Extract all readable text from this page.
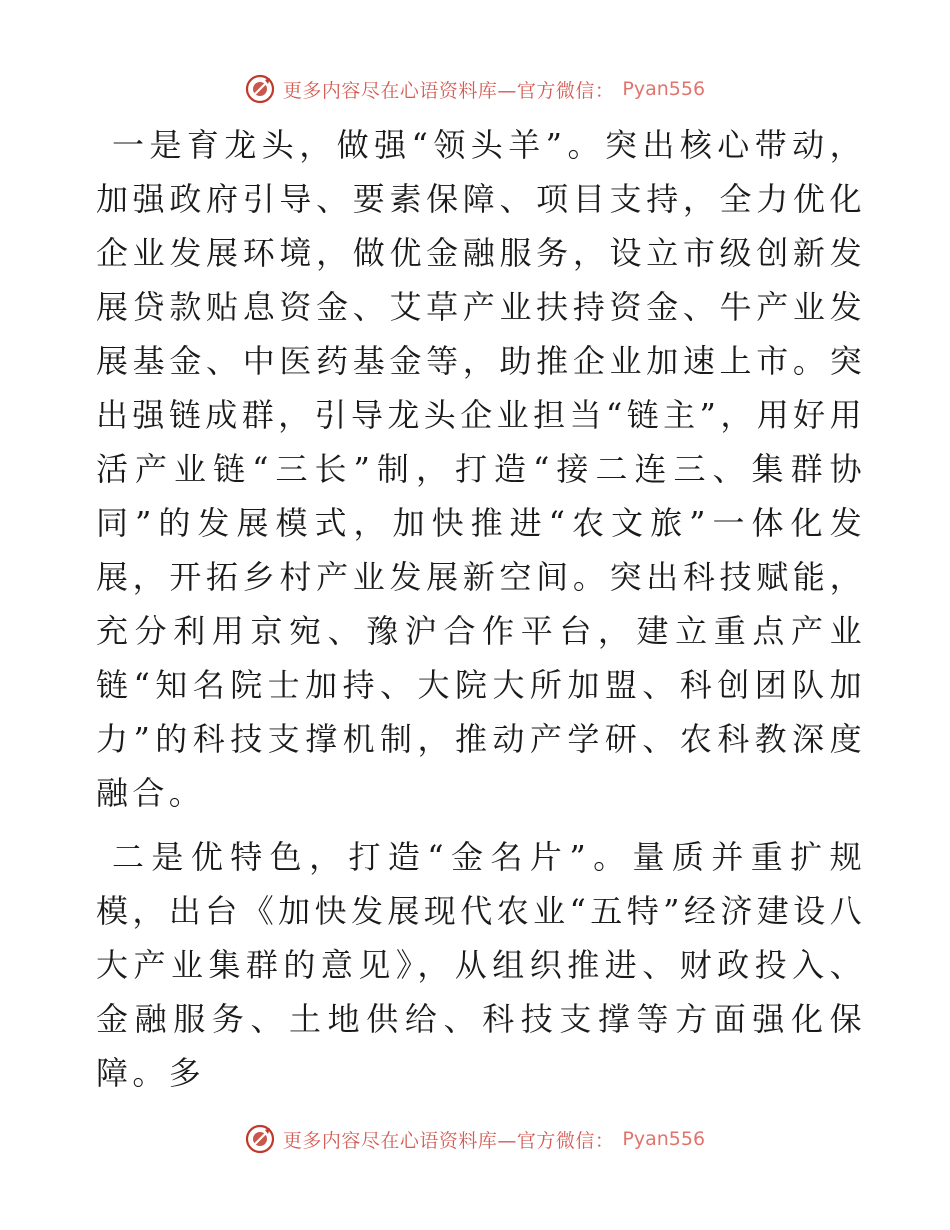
更多内容尽在心语资料库—官方微信： Pyan556

一是育龙头，做强“领头羊”。突出核心带动，加强政府引导、要素保障、项目支持，全力优化企业发展环境，做优金融服务，设立市级创新发展贷款贴息资金、艾草产业扶持资金、牛产业发展基金、中医药基金等，助推企业加速上市。突出强链成群，引导龙头企业担当“链主”，用好用活产业链“三长”制，打造“接二连三、集群协同”的发展模式，加快推进“农文旅”一体化发展，开拓乡村产业发展新空间。突出科技赋能，充分利用京宛、豫沪合作平台，建立重点产业链“知名院士加持、大院大所加盟、科创团队加力”的科技支撑机制，推动产学研、农科教深度融合。

二是优特色，打造“金名片”。量质并重扩规模，出台《加快发展现代农业“五特”经济建设八大产业集群的意见》，从组织推进、财政投入、金融服务、土地供给、科技支撑等方面强化保障。多

更多内容尽在心语资料库—官方微信： Pyan556
